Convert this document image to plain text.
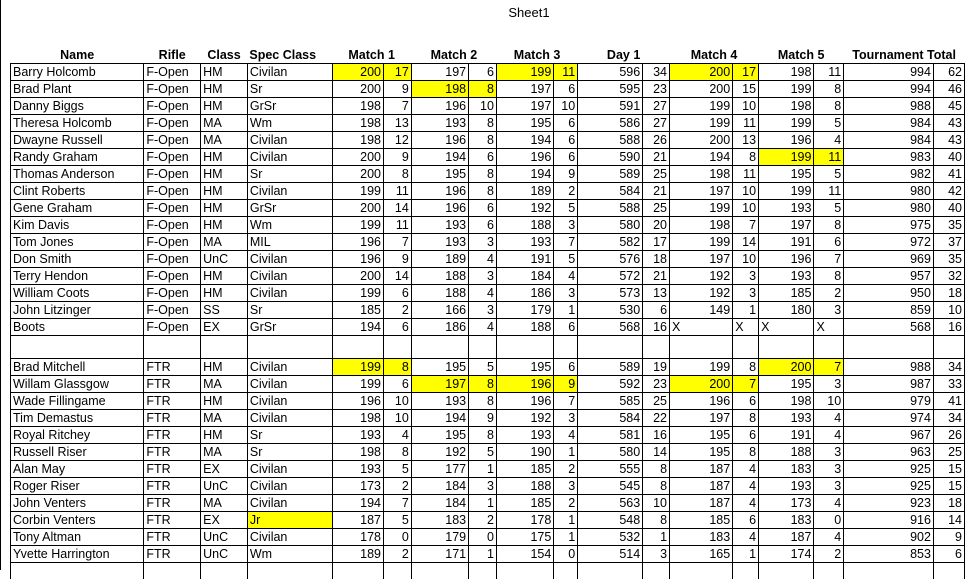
Sheet1
Name	Rifle	Class	Spec Class	Match 1		Match 2		Match 3		Day 1		Match 4		Match 5		Tournament Total	
Barry Holcomb	F-Open	HM	Civilan	200	17	197	6	199	11	596	34	200	17	198	11	994	62
Brad Plant	F-Open	HM	Sr	200	9	198	8	197	6	595	23	200	15	199	8	994	46
Danny Biggs	F-Open	HM	GrSr	198	7	196	10	197	10	591	27	199	10	198	8	988	45
Theresa Holcomb	F-Open	MA	Wm	198	13	193	8	195	6	586	27	199	11	199	5	984	43
Dwayne Russell	F-Open	MA	Civilan	198	12	196	8	194	6	588	26	200	13	196	4	984	43
Randy Graham	F-Open	HM	Civilan	200	9	194	6	196	6	590	21	194	8	199	11	983	40
Thomas Anderson	F-Open	HM	Sr	200	8	195	8	194	9	589	25	198	11	195	5	982	41
Clint Roberts	F-Open	HM	Civilan	199	11	196	8	189	2	584	21	197	10	199	11	980	42
Gene Graham	F-Open	HM	GrSr	200	14	196	6	192	5	588	25	199	10	193	5	980	40
Kim Davis	F-Open	HM	Wm	199	11	193	6	188	3	580	20	198	7	197	8	975	35
Tom Jones	F-Open	MA	MIL	196	7	193	3	193	7	582	17	199	14	191	6	972	37
Don Smith	F-Open	UnC	Civilan	196	9	189	4	191	5	576	18	197	10	196	7	969	35
Terry Hendon	F-Open	HM	Civilan	200	14	188	3	184	4	572	21	192	3	193	8	957	32
William Coots	F-Open	HM	Civilan	199	6	188	4	186	3	573	13	192	3	185	2	950	18
John Litzinger	F-Open	SS	Sr	185	2	166	3	179	1	530	6	149	1	180	3	859	10
Boots	F-Open	EX	GrSr	194	6	186	4	188	6	568	16	X	X	X	X	568	16

Brad Mitchell	FTR	HM	Civilan	199	8	195	5	195	6	589	19	199	8	200	7	988	34
Willam Glassgow	FTR	MA	Civilan	199	6	197	8	196	9	592	23	200	7	195	3	987	33
Wade Fillingame	FTR	HM	Civilan	196	10	193	8	196	7	585	25	196	6	198	10	979	41
Tim Demastus	FTR	MA	Civilan	198	10	194	9	192	3	584	22	197	8	193	4	974	34
Royal Ritchey	FTR	HM	Sr	193	4	195	8	193	4	581	16	195	6	191	4	967	26
Russell Riser	FTR	MA	Sr	198	8	192	5	190	1	580	14	195	8	188	3	963	25
Alan May	FTR	EX	Civilan	193	5	177	1	185	2	555	8	187	4	183	3	925	15
Roger Riser	FTR	UnC	Civilan	173	2	184	3	188	3	545	8	187	4	193	3	925	15
John Venters	FTR	MA	Civilan	194	7	184	1	185	2	563	10	187	4	173	4	923	18
Corbin Venters	FTR	EX	Jr	187	5	183	2	178	1	548	8	185	6	183	0	916	14
Tony Altman	FTR	UnC	Civilan	178	0	179	0	175	1	532	1	183	4	187	4	902	9
Yvette Harrington	FTR	UnC	Wm	189	2	171	1	154	0	514	3	165	1	174	2	853	6
